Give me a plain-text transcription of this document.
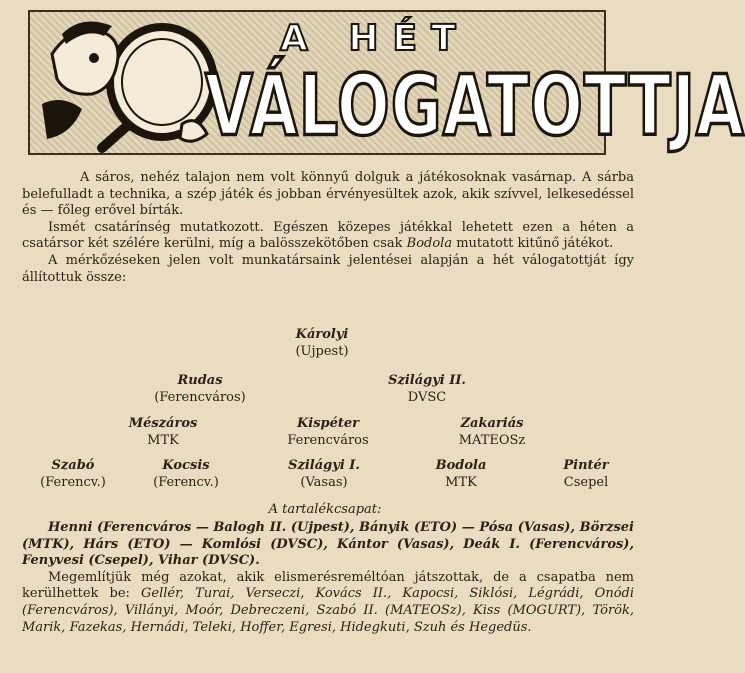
A HÉT
VÁLOGATOTTJA

A sáros, nehéz talajon nem volt könnyű dolguk a játékosoknak vasárnap. A sárba belefulladt a technika, a szép játék és jobban érvényesültek azok, akik szívvel, lelkesedéssel és — főleg erővel bírták.

Ismét csatárínség mutatkozott. Egészen közepes játékkal lehetett ezen a héten a csatársor két szélére kerülni, míg a balösszekötőben csak Bodola mutatott kitűnő játékot.

A mérkőzéseken jelen volt munkatársaink jelentései alapján a hét válogatottját így állítottuk össze:

Károlyi
(Ujpest)
Rudas
(Ferencváros)
Szilágyi II.
DVSC
Mészáros
MTK
Kispéter
Ferencváros
Zakariás
MATEOSz
Szabó
(Ferencv.)
Kocsis
(Ferencv.)
Szilágyi I.
(Vasas)
Bodola
MTK
Pintér
Csepel
A tartalékcsapat:

Henni (Ferencváros — Balogh II. (Ujpest), Bányik (ETO) — Pósa (Vasas), Börzsei (MTK), Hárs (ETO) — Komlósi (DVSC), Kántor (Vasas), Deák I. (Ferencváros), Fenyvesi (Csepel), Vihar (DVSC).

Megemlítjük még azokat, akik elismerésreméltóan játszottak, de a csapatba nem kerülhettek be: Gellér, Turai, Verseczi, Kovács II., Kapocsi, Siklósi, Légrádi, Onódi (Ferencváros), Villányi, Moór, Debreczeni, Szabó II. (MATEOSz), Kiss (MOGURT), Török, Marik, Fazekas, Hernádi, Teleki, Hoffer, Egresi, Hidegkuti, Szuh és Hegedüs.
